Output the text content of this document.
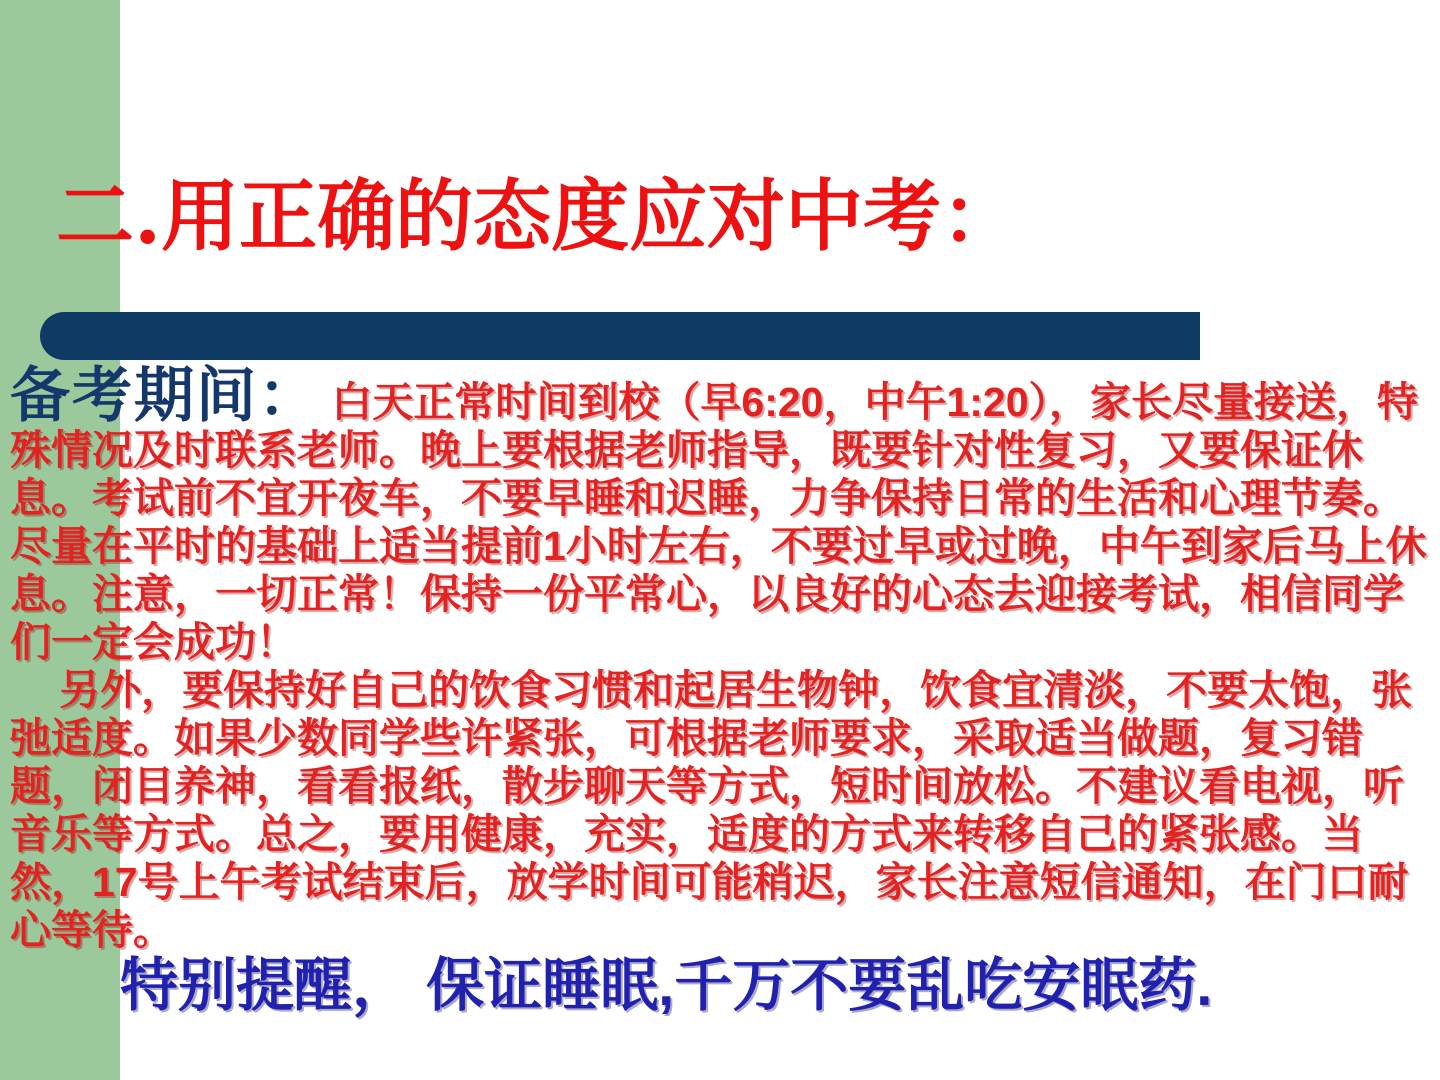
二.用正确的态度应对中考：

备考期间： 白天正常时间到校（早6:20，中午1:20），家长尽量接送，特殊情况及时联系老师。晚上要根据老师指导，既要针对性复习，又要保证休息。考试前不宜开夜车，不要早睡和迟睡，力争保持日常的生活和心理节奏。尽量在平时的基础上适当提前1小时左右，不要过早或过晚，中午到家后马上休息。注意，一切正常！保持一份平常心，以良好的心态去迎接考试，相信同学们一定会成功！

另外，要保持好自己的饮食习惯和起居生物钟，饮食宜清淡，不要太饱，张弛适度。如果少数同学些许紧张，可根据老师要求，采取适当做题，复习错题，闭目养神，看看报纸，散步聊天等方式，短时间放松。不建议看电视，听音乐等方式。总之，要用健康，充实，适度的方式来转移自己的紧张感。当然，17号上午考试结束后，放学时间可能稍迟，家长注意短信通知，在门口耐心等待。

特别提醒， 保证睡眠,千万不要乱吃安眠药.
